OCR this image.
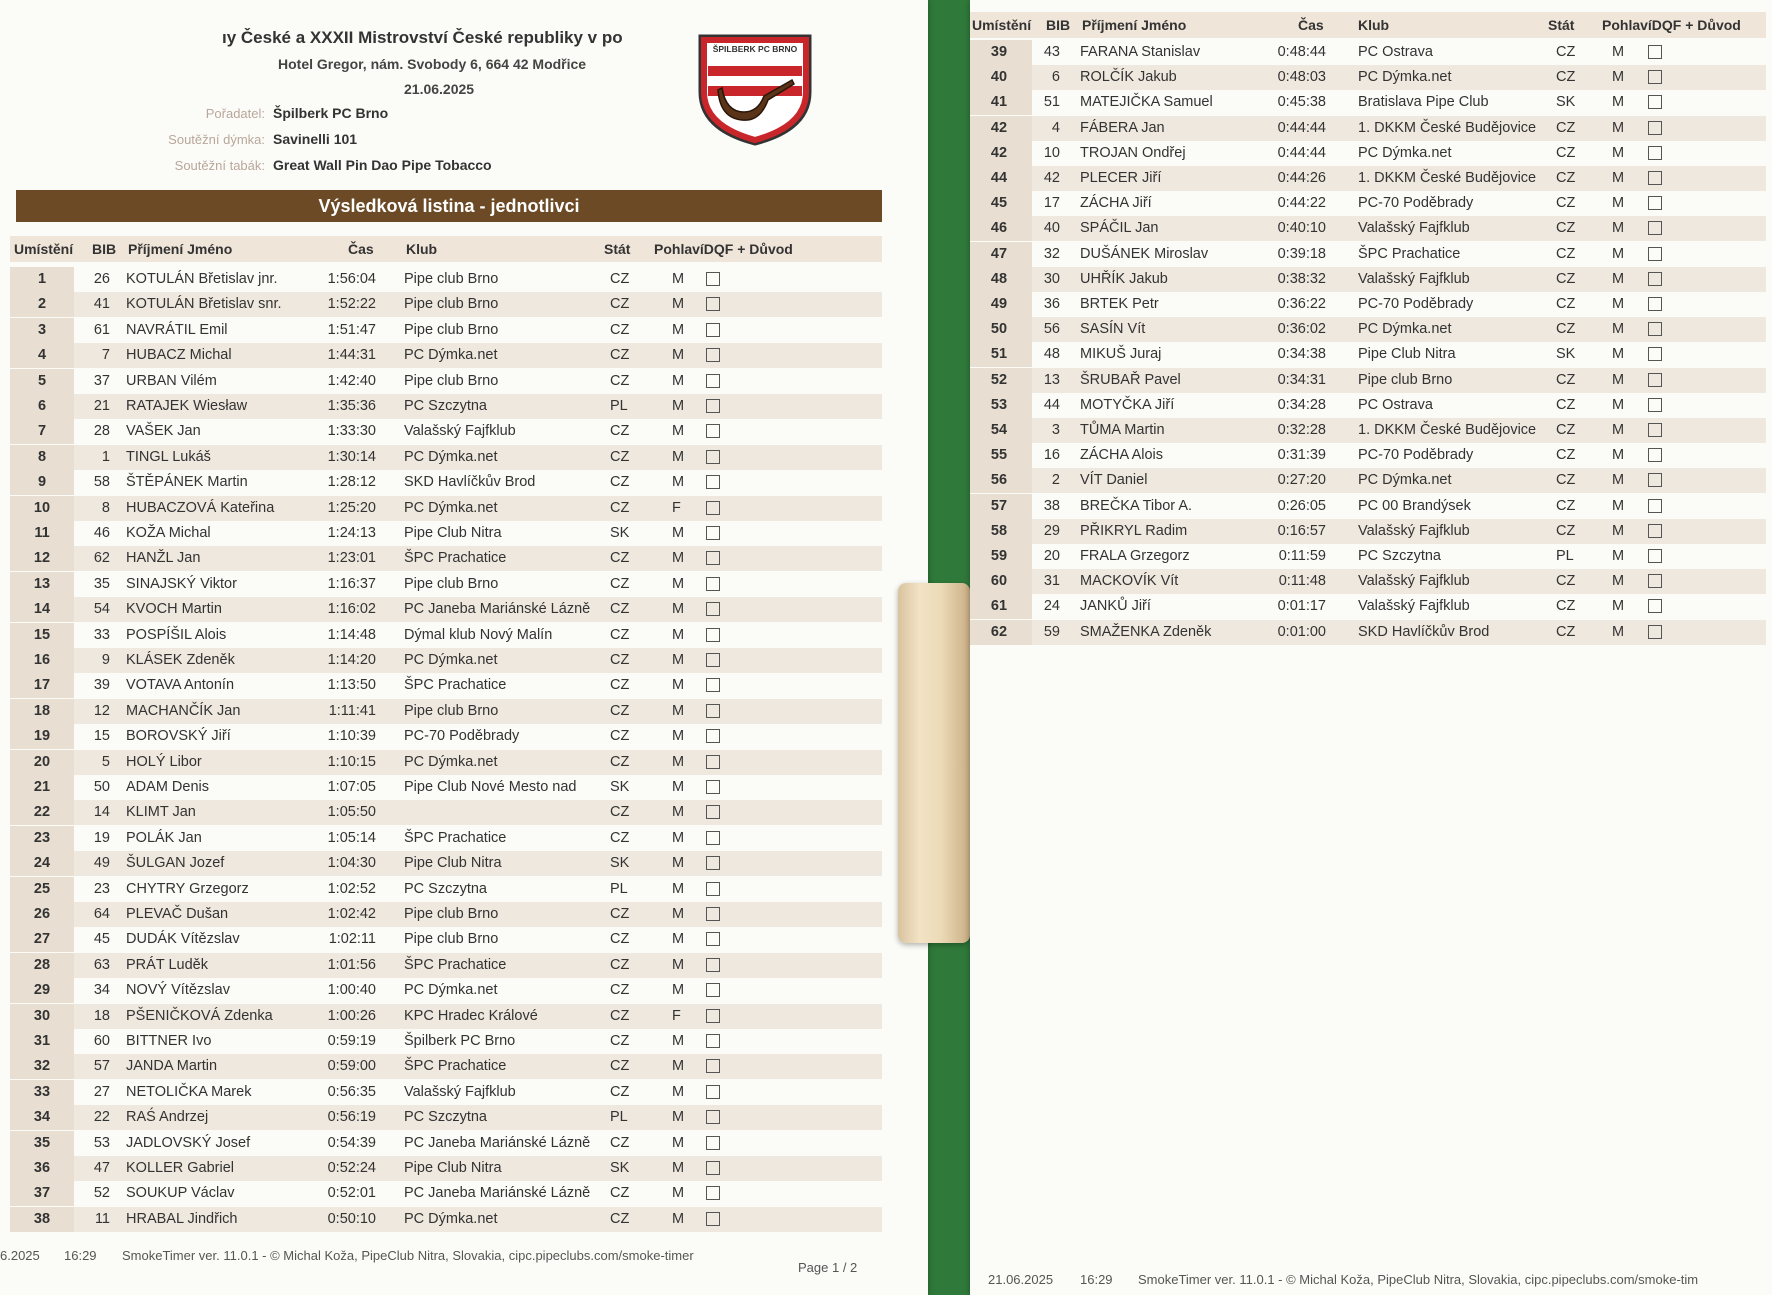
ıy České a XXXII Mistrovství České republiky v po
Hotel Gregor, nám. Svobody 6, 664 42 Modřice
21.06.2025
Pořadatel: Špilberk PC Brno
Soutěžní dýmka: Savinelli 101
Soutěžní tabák: Great Wall Pin Dao Pipe Tobacco
ŠPILBERK PC BRNO
Výsledková listina - jednotlivci
Umístění BIB Příjmení Jméno	Čas Klub	Stát PohlavíDQF + Důvod
1	26 KOTULÁN Břetislav jnr.	1:56:04 Pipe club Brno	CZ	M
2	41 KOTULÁN Břetislav snr.	1:52:22 Pipe club Brno	CZ	M
3	61 NAVRÁTIL Emil	1:51:47 Pipe club Brno	CZ	M
4	7 HUBACZ Michal	1:44:31 PC Dýmka.net	CZ	M
5	37 URBAN Vilém	1:42:40 Pipe club Brno	CZ	M
6	21 RATAJEK Wiesław	1:35:36 PC Szczytna	PL	M
7	28 VAŠEK Jan	1:33:30 Valašský Fajfklub	CZ	M
8	1 TINGL Lukáš	1:30:14 PC Dýmka.net	CZ	M
9	58 ŠTĚPÁNEK Martin	1:28:12 SKD Havlíčkův Brod	CZ	M
10	8 HUBACZOVÁ Kateřina	1:25:20 PC Dýmka.net	CZ	F
11	46 KOŽA Michal	1:24:13 Pipe Club Nitra	SK	M
12	62 HANŽL Jan	1:23:01 ŠPC Prachatice	CZ	M
13	35 SINAJSKÝ Viktor	1:16:37 Pipe club Brno	CZ	M
14	54 KVOCH Martin	1:16:02 PC Janeba Mariánské Lázně CZ	M
15	33 POSPÍŠIL Alois	1:14:48 Dýmal klub Nový Malín	CZ	M
16	9 KLÁSEK Zdeněk	1:14:20 PC Dýmka.net	CZ	M
17	39 VOTAVA Antonín	1:13:50 ŠPC Prachatice	CZ	M
18	12 MACHANČÍK Jan	1:11:41 Pipe club Brno	CZ	M
19	15 BOROVSKÝ Jiří	1:10:39 PC-70 Poděbrady	CZ	M
20	5 HOLÝ Libor	1:10:15 PC Dýmka.net	CZ	M
21	50 ADAM Denis	1:07:05 Pipe Club Nové Mesto nad SK	M
22	14 KLIMT Jan	1:05:50	CZ	M
23	19 POLÁK Jan	1:05:14 ŠPC Prachatice	CZ	M
24	49 ŠULGAN Jozef	1:04:30 Pipe Club Nitra	SK	M
25	23 CHYTRY Grzegorz	1:02:52 PC Szczytna	PL	M
26	64 PLEVAČ Dušan	1:02:42 Pipe club Brno	CZ	M
27	45 DUDÁK Vítězslav	1:02:11 Pipe club Brno	CZ	M
28	63 PRÁT Luděk	1:01:56 ŠPC Prachatice	CZ	M
29	34 NOVÝ Vítězslav	1:00:40 PC Dýmka.net	CZ	M
30	18 PŠENIČKOVÁ Zdenka	1:00:26 KPC Hradec Králové	CZ	F
31	60 BITTNER Ivo	0:59:19 Špilberk PC Brno	CZ	M
32	57 JANDA Martin	0:59:00 ŠPC Prachatice	CZ	M
33	27 NETOLIČKA Marek	0:56:35 Valašský Fajfklub	CZ	M
34	22 RAŚ Andrzej	0:56:19 PC Szczytna	PL	M
35	53 JADLOVSKÝ Josef	0:54:39 PC Janeba Mariánské Lázně CZ	M
36	47 KOLLER Gabriel	0:52:24 Pipe Club Nitra	SK	M
37	52 SOUKUP Václav	0:52:01 PC Janeba Mariánské Lázně CZ	M
38	11 HRABAL Jindřich	0:50:10 PC Dýmka.net	CZ	M
6.2025 16:29 SmokeTimer ver. 11.0.1 - © Michal Koža, PipeClub Nitra, Slovakia, cipc.pipeclubs.com/smoke-timer
Page 1 / 2
Umístění BIB Příjmení Jméno	Čas Klub	Stát PohlavíDQF + Důvod
39	43 FARANA Stanislav	0:48:44 PC Ostrava	CZ	M
40	6 ROLČÍK Jakub	0:48:03 PC Dýmka.net	CZ	M
41	51 MATEJIČKA Samuel	0:45:38 Bratislava Pipe Club	SK	M
42	4 FÁBERA Jan	0:44:44 1. DKKM České Budějovice CZ	M
42	10 TROJAN Ondřej	0:44:44 PC Dýmka.net	CZ	M
44	42 PLECER Jiří	0:44:26 1. DKKM České Budějovice CZ	M
45	17 ZÁCHA Jiří	0:44:22 PC-70 Poděbrady	CZ	M
46	40 SPÁČIL Jan	0:40:10 Valašský Fajfklub	CZ	M
47	32 DUŠÁNEK Miroslav	0:39:18 ŠPC Prachatice	CZ	M
48	30 UHŘÍK Jakub	0:38:32 Valašský Fajfklub	CZ	M
49	36 BRTEK Petr	0:36:22 PC-70 Poděbrady	CZ	M
50	56 SASÍN Vít	0:36:02 PC Dýmka.net	CZ	M
51	48 MIKUŠ Juraj	0:34:38 Pipe Club Nitra	SK	M
52	13 ŠRUBAŘ Pavel	0:34:31 Pipe club Brno	CZ	M
53	44 MOTYČKA Jiří	0:34:28 PC Ostrava	CZ	M
54	3 TŮMA Martin	0:32:28 1. DKKM České Budějovice CZ	M
55	16 ZÁCHA Alois	0:31:39 PC-70 Poděbrady	CZ	M
56	2 VÍT Daniel	0:27:20 PC Dýmka.net	CZ	M
57	38 BREČKA Tibor A.	0:26:05 PC 00 Brandýsek	CZ	M
58	29 PŘIKRYL Radim	0:16:57 Valašský Fajfklub	CZ	M
59	20 FRALA Grzegorz	0:11:59 PC Szczytna	PL	M
60	31 MACKOVÍK Vít	0:11:48 Valašský Fajfklub	CZ	M
61	24 JANKŮ Jiří	0:01:17 Valašský Fajfklub	CZ	M
62	59 SMAŽENKA Zdeněk	0:01:00 SKD Havlíčkův Brod	CZ	M
21.06.2025 16:29 SmokeTimer ver. 11.0.1 - © Michal Koža, PipeClub Nitra, Slovakia, cipc.pipeclubs.com/smoke-tim
